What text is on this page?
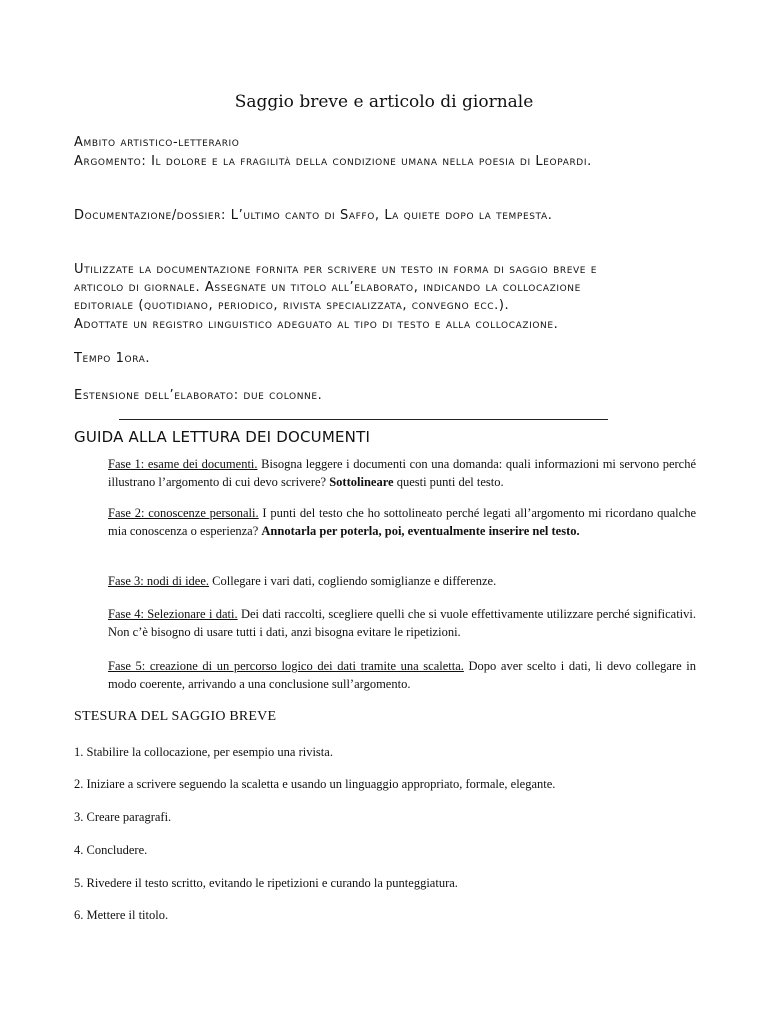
Saggio breve e articolo di giornale
Ambito artistico-letterario
Argomento: Il dolore e la fragilità della condizione umana nella poesia di Leopardi.
Documentazione/dossier: L’ultimo canto di Saffo, La quiete dopo la tempesta.
Utilizzate la documentazione fornita per scrivere un testo in forma di saggio breve e
articolo di giornale. Assegnate un titolo all’elaborato, indicando la collocazione
editoriale (quotidiano, periodico, rivista specializzata, convegno ecc.).
Adottate un registro linguistico adeguato al tipo di testo e alla collocazione.
Tempo 1ora.
Estensione dell’elaborato: due colonne.
GUIDA ALLA LETTURA DEI DOCUMENTI
Fase 1: esame dei documenti. Bisogna leggere i documenti con una domanda: quali informazioni mi servono perché illustrano l’argomento di cui devo scrivere? Sottolineare questi punti del testo.
Fase 2: conoscenze personali. I punti del testo che ho sottolineato perché legati all’argomento mi ricordano qualche mia conoscenza o esperienza? Annotarla per poterla, poi, eventualmente inserire nel testo.
Fase 3: nodi di idee. Collegare i vari dati, cogliendo somiglianze e differenze.
Fase 4: Selezionare i dati. Dei dati raccolti, scegliere quelli che si vuole effettivamente utilizzare perché significativi. Non c’è bisogno di usare tutti i dati, anzi bisogna evitare le ripetizioni.
Fase 5: creazione di un percorso logico dei dati tramite una scaletta. Dopo aver scelto i dati, li devo collegare in modo coerente, arrivando a una conclusione sull’argomento.
STESURA DEL SAGGIO BREVE
1. Stabilire la collocazione, per esempio una rivista.
2. Iniziare a scrivere seguendo la scaletta e usando un linguaggio appropriato, formale, elegante.
3. Creare paragrafi.
4. Concludere.
5. Rivedere il testo scritto, evitando le ripetizioni e curando la punteggiatura.
6. Mettere il titolo.
